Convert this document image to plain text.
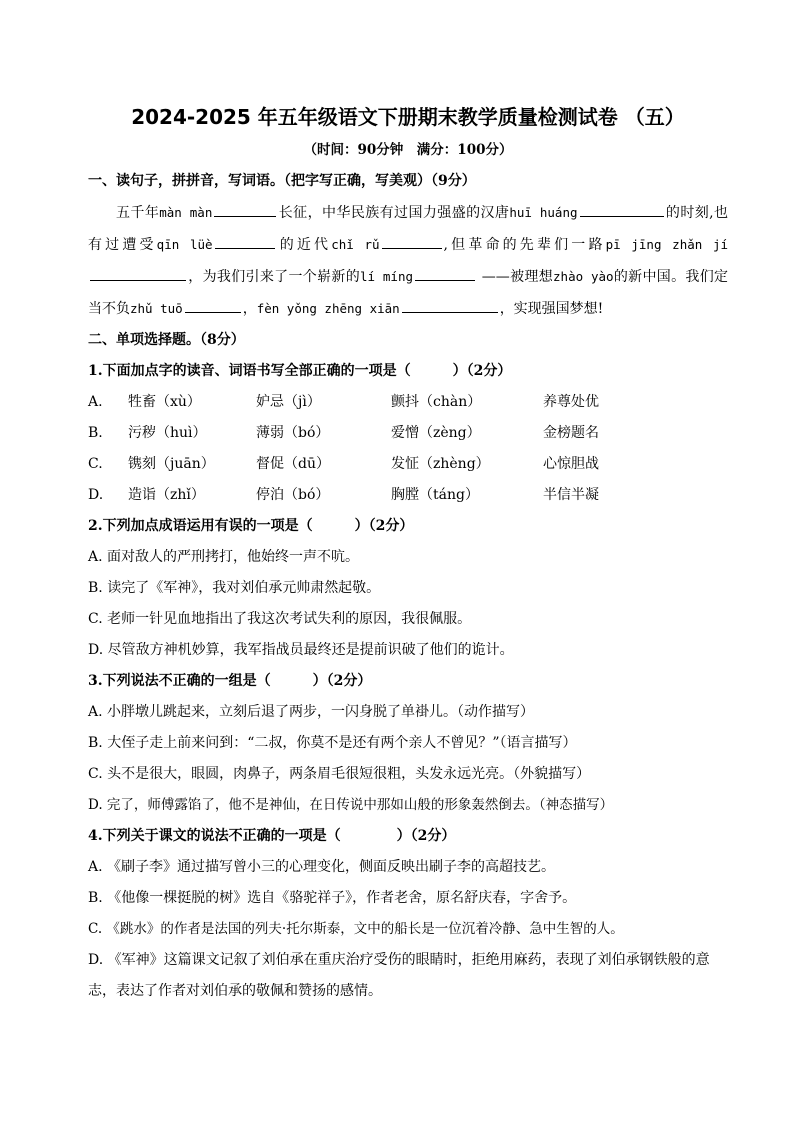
2024-2025 年五年级语文下册期末教学质量检测试卷 （五）
（时间：90分钟　满分：100分）
一、读句子，拼拼音，写词语。（把字写正确，写美观）（9分）

五千年màn màn	长征，中华民族有过国力强盛的汉唐huī huáng	的时刻,也有过遭受qīn lüè	的近代chǐ rǔ	,但革命的先辈们一路pī jīng zhǎn jí，为我们引来了一个崭新的lí míng	——被理想zhào yào的新中国。我们定当不负zhǔ tuō	，fèn yǒng zhēng xiān	，实现强国梦想!

二、单项选择题。（8分）
1.下面加点字的读音、词语书写全部正确的一项是（　　　）（2分）
A.	牲畜（xù）	妒忌（jì）	颤抖（chàn）	养尊处优
B.	污秽（huì）	薄弱（bó）	爱憎（zèng）	金榜题名
C.	镌刻（juān）	督促（dū）	发怔（zhèng）	心惊胆战
D.	造诣（zhǐ）	停泊（bó）	胸膛（táng）	半信半凝
2.下列加点成语运用有误的一项是（　　　）（2分）
A. 面对敌人的严刑拷打，他始终一声不吭。
B. 读完了《军神》，我对刘伯承元帅肃然起敬。
C. 老师一针见血地指出了我这次考试失利的原因，我很佩服。
D. 尽管敌方神机妙算，我军指战员最终还是提前识破了他们的诡计。
3.下列说法不正确的一组是（　　　）（2分）
A. 小胖墩儿跳起来，立刻后退了两步，一闪身脱了单褂儿。（动作描写）
B. 大侄子走上前来问到：“二叔，你莫不是还有两个亲人不曾见？”（语言描写）
C. 头不是很大，眼圆，肉鼻子，两条眉毛很短很粗，头发永远光亮。（外貌描写）
D. 完了，师傅露馅了，他不是神仙，在日传说中那如山般的形象轰然倒去。（神态描写）
4.下列关于课文的说法不正确的一项是（　　　　）（2分）
A. 《刷子李》通过描写曾小三的心理变化，侧面反映出刷子李的高超技艺。
B. 《他像一棵挺脱的树》选自《骆驼祥子》，作者老舍，原名舒庆春，字舍予。
C. 《跳水》的作者是法国的列夫·托尔斯泰，文中的船长是一位沉着冷静、急中生智的人。
D. 《军神》这篇课文记叙了刘伯承在重庆治疗受伤的眼睛时，拒绝用麻药，表现了刘伯承钢铁般的意志，表达了作者对刘伯承的敬佩和赞扬的感情。
